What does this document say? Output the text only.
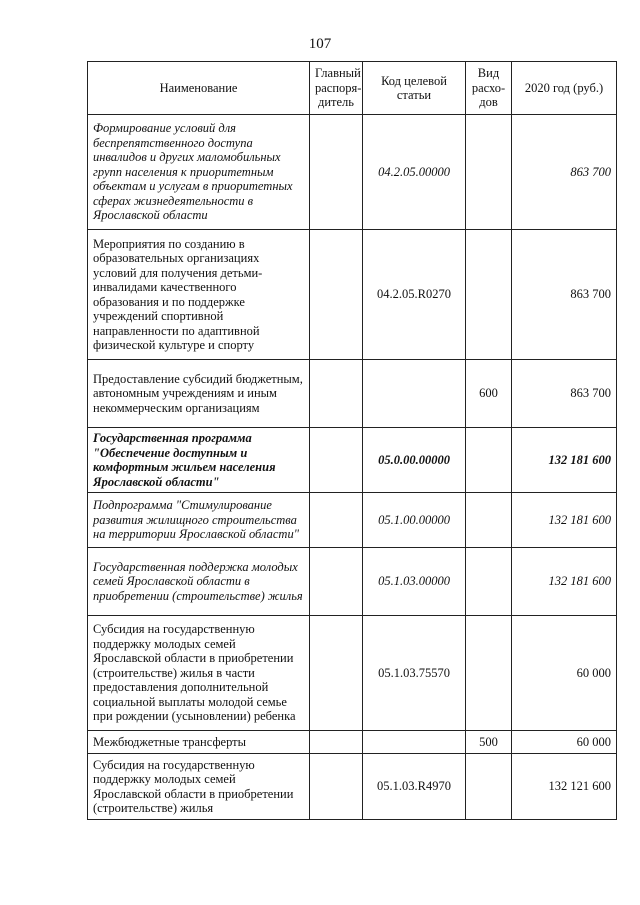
107
Наименование	Главный распоря-дитель	Код целевой статьи	Вид расхо-дов	2020 год (руб.)
Формирование условий для беспрепятственного доступа инвалидов и других маломобильных групп населения к приоритетным объектам и услугам в приоритетных сферах жизнедеятельности в Ярославской области		04.2.05.00000		863 700
Мероприятия по созданию в образовательных организациях условий для получения детьми-инвалидами качественного образования и по поддержке учреждений спортивной направленности по адаптивной физической культуре и спорту		04.2.05.R0270		863 700
Предоставление субсидий бюджетным, автономным учреждениям и иным некоммерческим организациям			600	863 700
Государственная программа "Обеспечение доступным и комфортным жильем населения Ярославской области"		05.0.00.00000		132 181 600
Подпрограмма "Стимулирование развития жилищного строительства на территории Ярославской области"		05.1.00.00000		132 181 600
Государственная поддержка молодых семей Ярославской области в приобретении (строительстве) жилья		05.1.03.00000		132 181 600
Субсидия на государственную поддержку молодых семей Ярославской области в приобретении (строительстве) жилья в части предоставления дополнительной социальной выплаты молодой семье при рождении (усыновлении) ребенка		05.1.03.75570		60 000
Межбюджетные трансферты			500	60 000
Субсидия на государственную поддержку молодых семей Ярославской области в приобретении (строительстве) жилья		05.1.03.R4970		132 121 600
